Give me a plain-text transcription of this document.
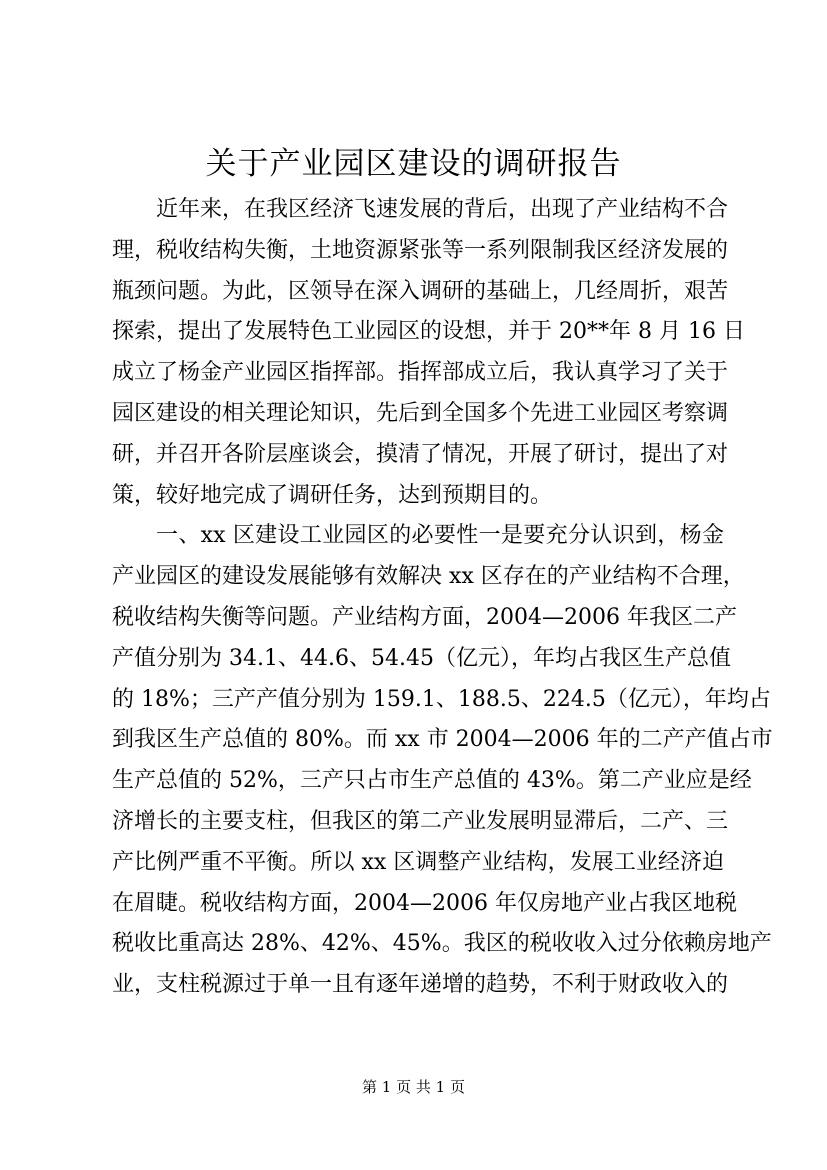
关于产业园区建设的调研报告
近年来，在我区经济飞速发展的背后，出现了产业结构不合
理，税收结构失衡，土地资源紧张等一系列限制我区经济发展的
瓶颈问题。为此，区领导在深入调研的基础上，几经周折，艰苦
探索，提出了发展特色工业园区的设想，并于 20**年 8 月 16 日
成立了杨金产业园区指挥部。指挥部成立后，我认真学习了关于
园区建设的相关理论知识，先后到全国多个先进工业园区考察调
研，并召开各阶层座谈会，摸清了情况，开展了研讨，提出了对
策，较好地完成了调研任务，达到预期目的。
一、xx 区建设工业园区的必要性一是要充分认识到，杨金
产业园区的建设发展能够有效解决 xx 区存在的产业结构不合理，
税收结构失衡等问题。产业结构方面，2004—2006 年我区二产
产值分别为 34.1、44.6、54.45（亿元），年均占我区生产总值
的 18%；三产产值分别为 159.1、188.5、224.5（亿元），年均占
到我区生产总值的 80%。而 xx 市 2004—2006 年的二产产值占市
生产总值的 52%，三产只占市生产总值的 43%。第二产业应是经
济增长的主要支柱，但我区的第二产业发展明显滞后，二产、三
产比例严重不平衡。所以 xx 区调整产业结构，发展工业经济迫
在眉睫。税收结构方面，2004—2006 年仅房地产业占我区地税
税收比重高达 28%、42%、45%。我区的税收收入过分依赖房地产
业，支柱税源过于单一且有逐年递增的趋势，不利于财政收入的
第 1 页 共 1 页
